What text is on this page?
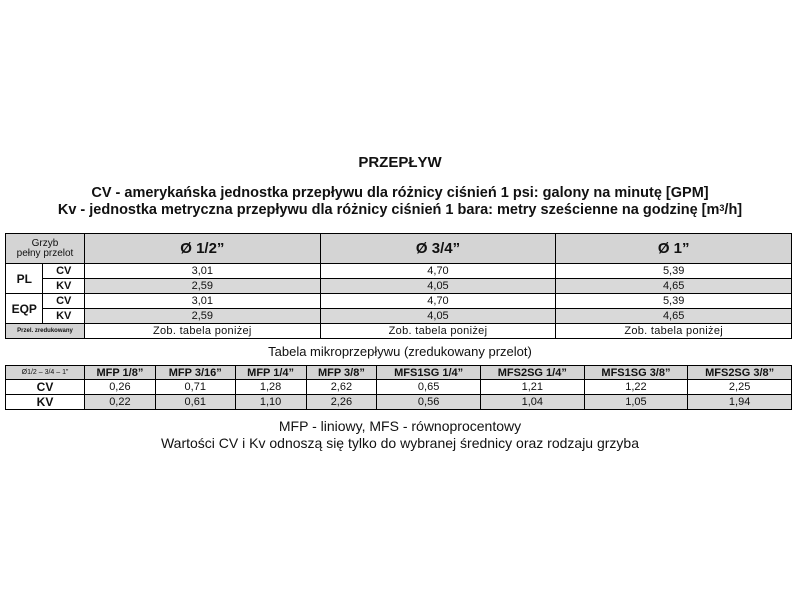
PRZEPŁYW
CV - amerykańska jednostka przepływu dla różnicy ciśnień 1 psi: galony na minutę [GPM]
Kv - jednostka metryczna przepływu dla różnicy ciśnień 1 bara: metry sześcienne na godzinę $[m^3/h]$
Grzyb
pełny przelot		Ø 1/2”	Ø 3/4”	Ø 1”
PL	CV	3,01	4,70	5,39
	KV	2,59	4,05	4,65
EQP	CV	3,01	4,70	5,39
	KV	2,59	4,05	4,65
Przel. zredukowany		Zob. tabela poniżej	Zob. tabela poniżej	Zob. tabela poniżej
Tabela mikroprzepływu (zredukowany przelot)
Ø1/2 – 3/4 – 1”	MFP 1/8”	MFP 3/16”	MFP 1/4”	MFP 3/8”	MFS1SG 1/4”	MFS2SG 1/4”	MFS1SG 3/8”	MFS2SG 3/8”
CV	0,26	0,71	1,28	2,62	0,65	1,21	1,22	2,25
KV	0,22	0,61	1,10	2,26	0,56	1,04	1,05	1,94
MFP - liniowy, MFS - równoprocentowy
Wartości CV i Kv odnoszą się tylko do wybranej średnicy oraz rodzaju grzyba
